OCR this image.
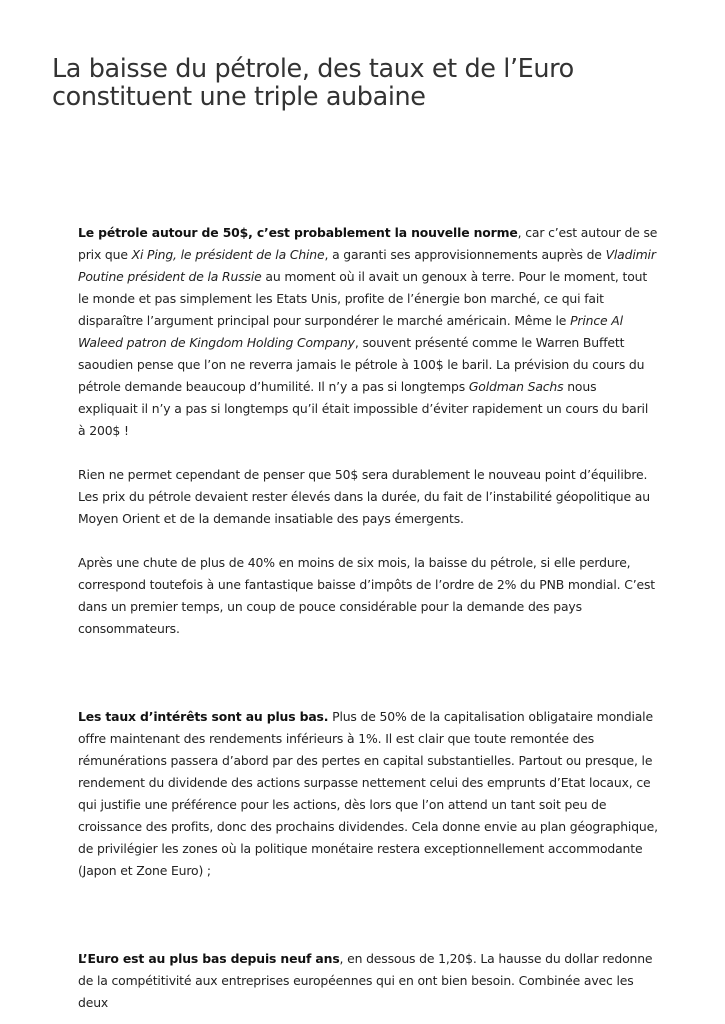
La baisse du pétrole, des taux et de l’Euro constituent une triple aubaine

Le pétrole autour de 50$, c’est probablement la nouvelle norme, car c’est autour de se prix que Xi Ping, le président de la Chine, a garanti ses approvisionnements auprès de Vladimir Poutine président de la Russie au moment où il avait un genoux à terre. Pour le moment, tout le monde et pas simplement les Etats Unis, profite de l’énergie bon marché, ce qui fait disparaître l’argument principal pour surpondérer le marché américain. Même le Prince Al Waleed patron de Kingdom Holding Company, souvent présenté comme le Warren Buffett saoudien pense que l’on ne reverra jamais le pétrole à 100$ le baril. La prévision du cours du pétrole demande beaucoup d’humilité. Il n’y a pas si longtemps Goldman Sachs nous expliquait il n’y a pas si longtemps qu’il était impossible d’éviter rapidement un cours du baril à 200$ !

Rien ne permet cependant de penser que 50$ sera durablement le nouveau point d’équilibre. Les prix du pétrole devaient rester élevés dans la durée, du fait de l’instabilité géopolitique au Moyen Orient et de la demande insatiable des pays émergents.

Après une chute de plus de 40% en moins de six mois, la baisse du pétrole, si elle perdure, correspond toutefois à une fantastique baisse d’impôts de l’ordre de 2% du PNB mondial. C’est dans un premier temps, un coup de pouce considérable pour la demande des pays consommateurs.

Les taux d’intérêts sont au plus bas. Plus de 50% de la capitalisation obligataire mondiale offre maintenant des rendements inférieurs à 1%. Il est clair que toute remontée des rémunérations passera d’abord par des pertes en capital substantielles. Partout ou presque, le rendement du dividende des actions surpasse nettement celui des emprunts d’Etat locaux, ce qui justifie une préférence pour les actions, dès lors que l’on attend un tant soit peu de croissance des profits, donc des prochains dividendes. Cela donne envie au plan géographique, de privilégier les zones où la politique monétaire restera exceptionnellement accommodante (Japon et Zone Euro) ;

L’Euro est au plus bas depuis neuf ans, en dessous de 1,20$. La hausse du dollar redonne de la compétitivité aux entreprises européennes qui en ont bien besoin. Combinée avec les deux
